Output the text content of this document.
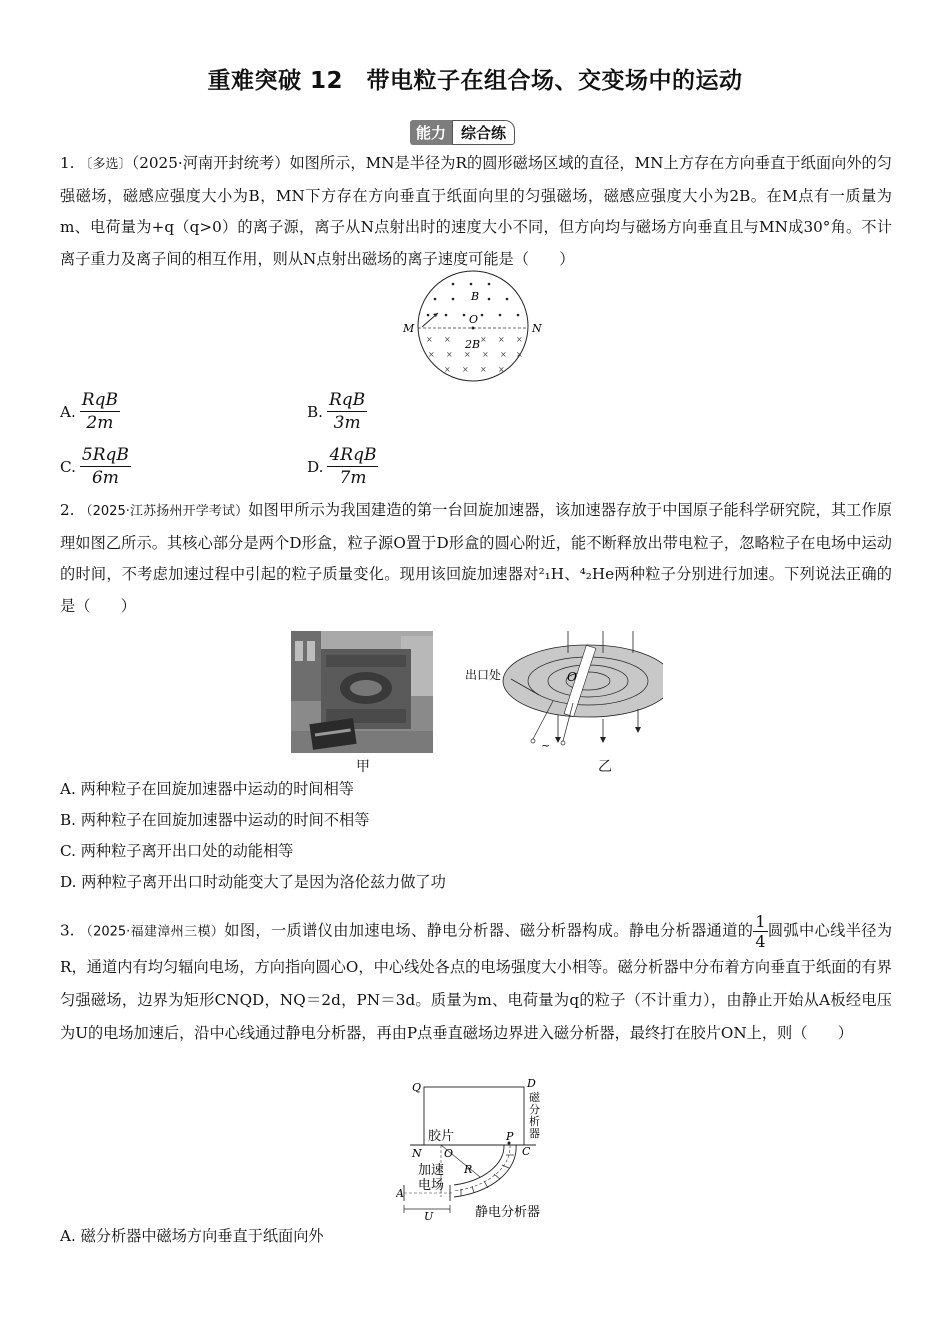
重难突破 12　带电粒子在组合场、交变场中的运动
能力	综合练
1. 〔多选〕（2025·河南开封统考）如图所示，MN是半径为R的圆形磁场区域的直径，MN上方存在方向垂直于纸面向外的匀强磁场，磁感应强度大小为B，MN下方存在方向垂直于纸面向里的匀强磁场，磁感应强度大小为2B。在M点有一质量为m、电荷量为+q（q>0）的离子源，离子从N点射出时的速度大小不同，但方向均与磁场方向垂直且与MN成30°角。不计离子重力及离子间的相互作用，则从N点射出磁场的离子速度可能是（　　）
× ×	× × ×
× × × × × ×
× × × ×
B
O
2B
M	N
A. $\frac{\text{RqB}}{2m}$	B. $\frac{\text{RqB}}{3m}$
C. $\frac{\text{5RqB}}{6m}$	D. $\frac{\text{4RqB}}{7m}$
2. （2025·江苏扬州开学考试）如图甲所示为我国建造的第一台回旋加速器，该加速器存放于中国原子能科学研究院，其工作原理如图乙所示。其核心部分是两个D形盒，粒子源O置于D形盒的圆心附近，能不断释放出带电粒子，忽略粒子在电场中运动的时间，不考虑加速过程中引起的粒子质量变化。现用该回旋加速器对²₁H、⁴₂He两种粒子分别进行加速。下列说法正确的是（　　）
甲
出口处	O
~
乙
A. 两种粒子在回旋加速器中运动的时间相等
B. 两种粒子在回旋加速器中运动的时间不相等
C. 两种粒子离开出口处的动能相等
D. 两种粒子离开出口时动能变大了是因为洛伦兹力做了功
3. （2025·福建漳州三模）如图，一质谱仪由加速电场、静电分析器、磁分析器构成。静电分析器通道的 $\frac{1}{4}$ 圆弧中心线半径为R，通道内有均匀辐向电场，方向指向圆心O，中心线处各点的电场强度大小相等。磁分析器中分布着方向垂直于纸面的有界匀强磁场，边界为矩形CNQD，NQ＝2d，PN＝3d。质量为m、电荷量为q的粒子（不计重力），由静止开始从A板经电压为U的电场加速后，沿中心线通过静电分析器，再由P点垂直磁场边界进入磁分析器，最终打在胶片ON上，则（　　）
Q	D
胶片	P
N O	C
R
A
U	静电分析器
加速
电场
磁
分
析
器
A. 磁分析器中磁场方向垂直于纸面向外
